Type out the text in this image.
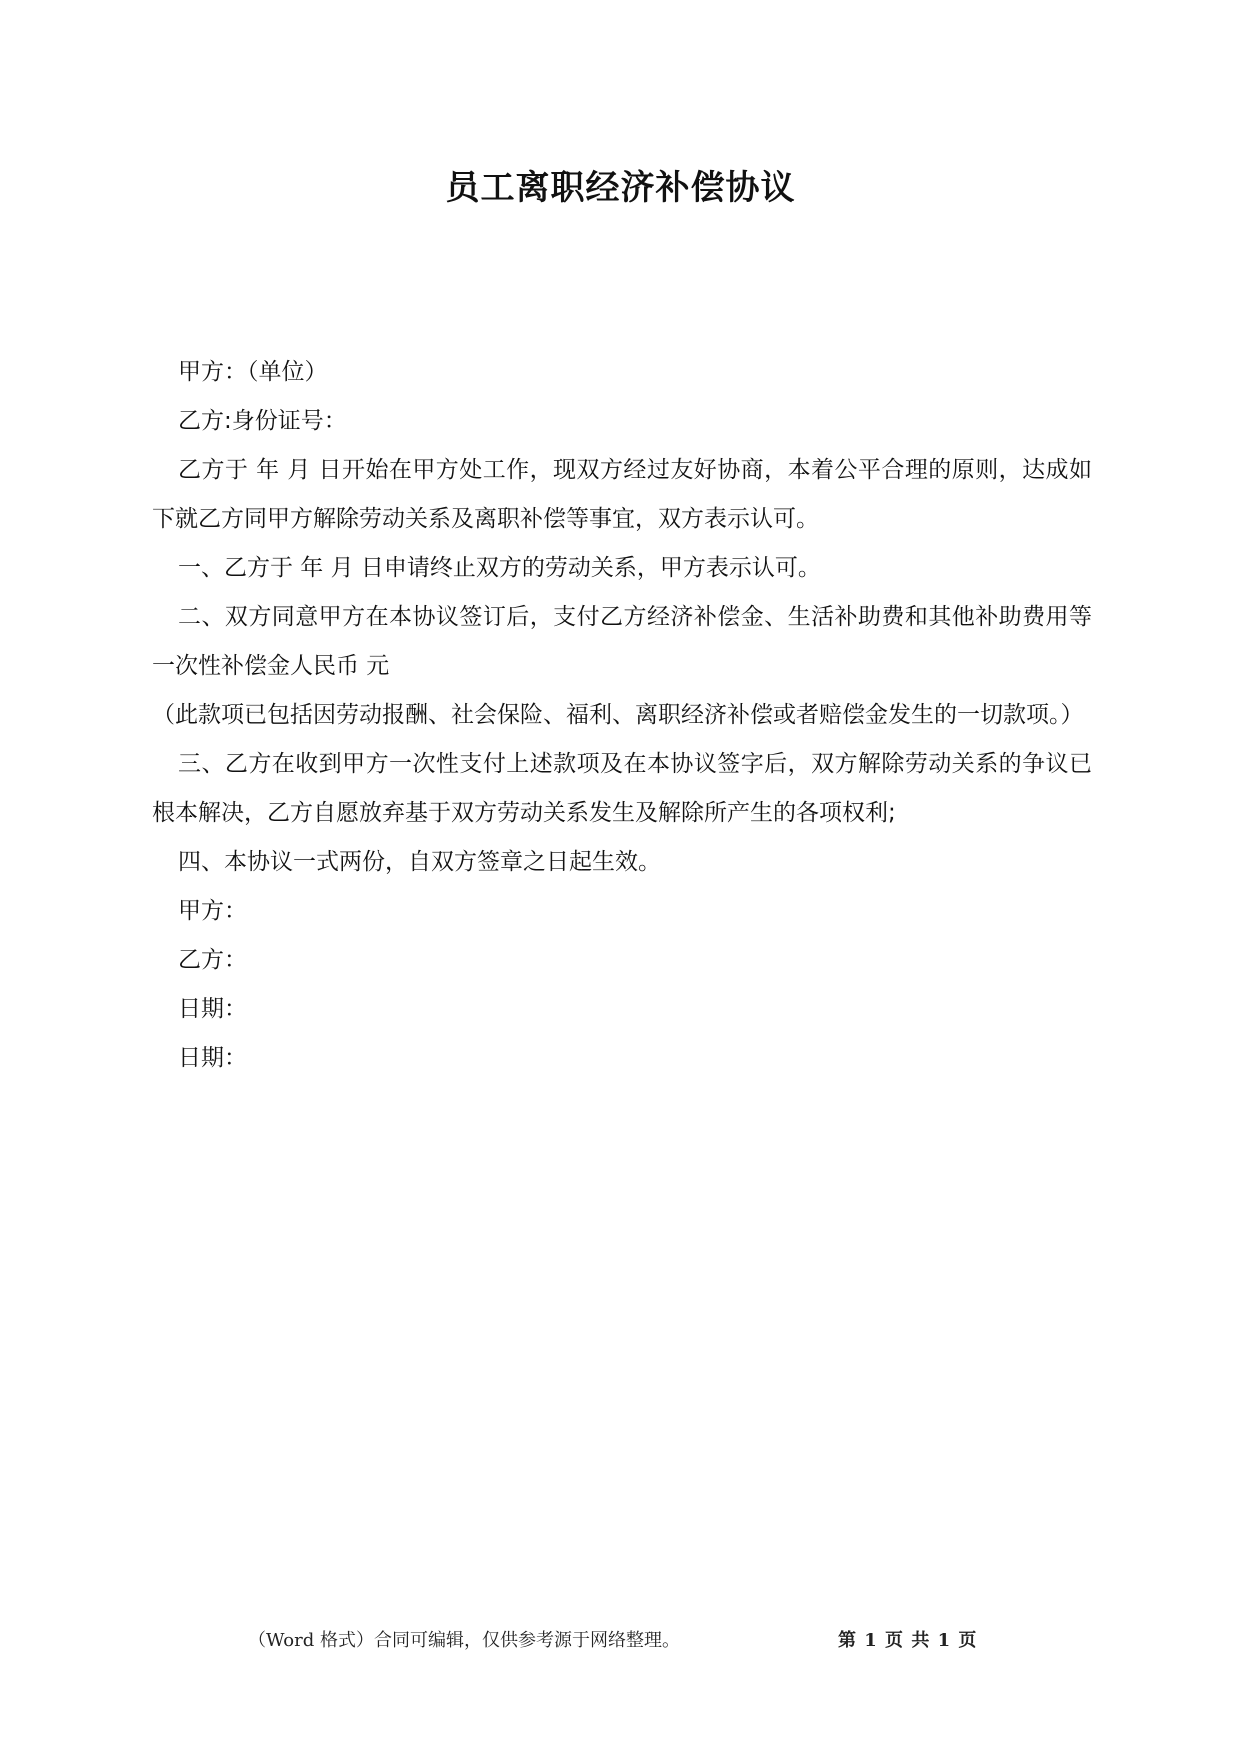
员工离职经济补偿协议

甲方：（单位）

乙方:身份证号：

乙方于 年 月 日开始在甲方处工作，现双方经过友好协商，本着公平合理的原则，达成如下就乙方同甲方解除劳动关系及离职补偿等事宜，双方表示认可。

一、乙方于 年 月 日申请终止双方的劳动关系，甲方表示认可。

二、双方同意甲方在本协议签订后，支付乙方经济补偿金、生活补助费和其他补助费用等一次性补偿金人民币 元

（此款项已包括因劳动报酬、社会保险、福利、离职经济补偿或者赔偿金发生的一切款项。）

三、乙方在收到甲方一次性支付上述款项及在本协议签字后，双方解除劳动关系的争议已根本解决，乙方自愿放弃基于双方劳动关系发生及解除所产生的各项权利;

四、本协议一式两份，自双方签章之日起生效。

甲方：

乙方：

日期：

日期：

（Word 格式）合同可编辑，仅供参考源于网络整理。	第 1 页 共 1 页
